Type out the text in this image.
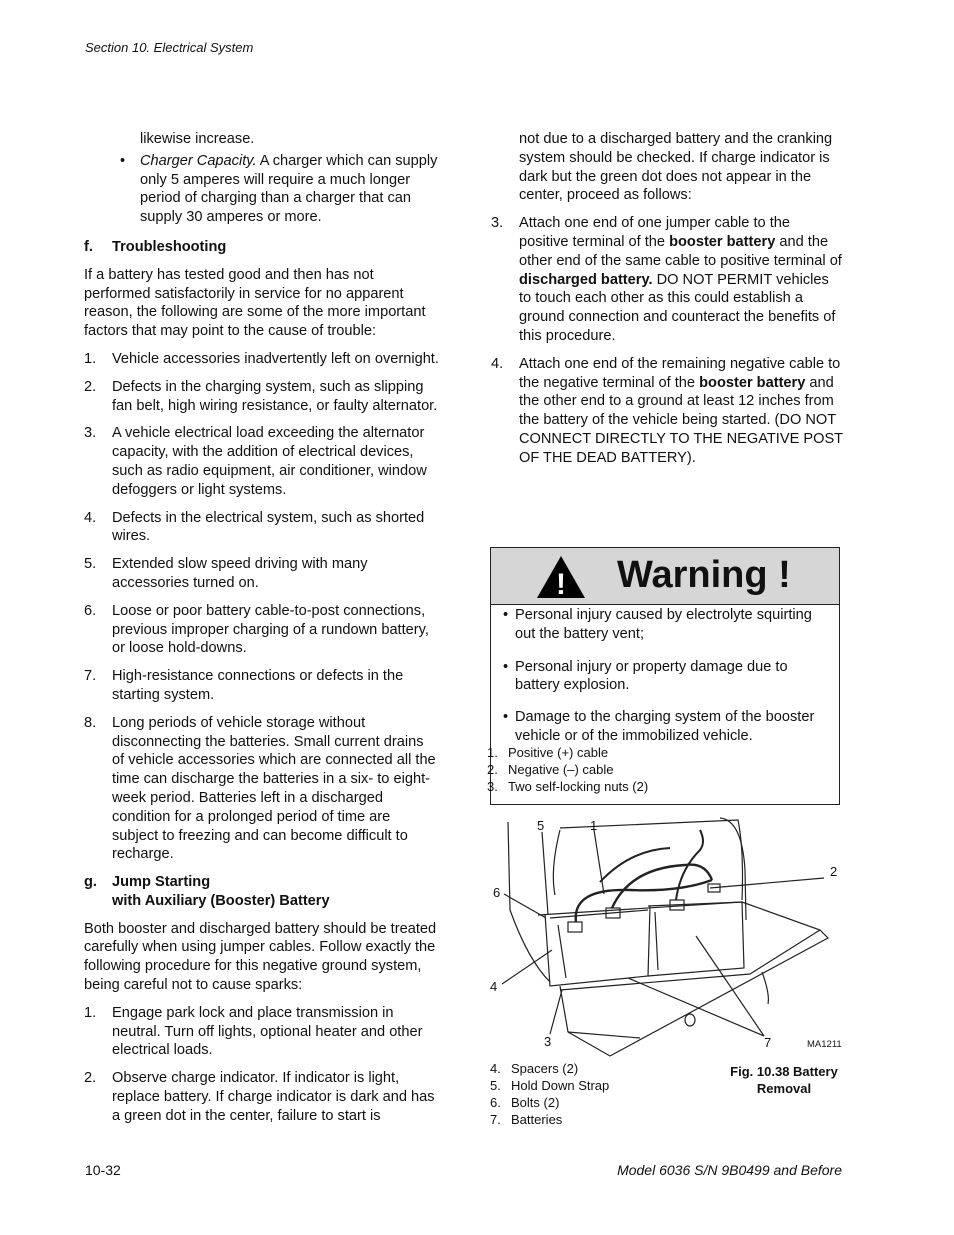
Section 10. Electrical System
likewise increase.
• Charger Capacity. A charger which can supply only 5 amperes will require a much longer period of charging than a charger that can supply 30 amperes or more.
f. Troubleshooting

If a battery has tested good and then has not performed satisfactorily in service for no apparent reason, the following are some of the more important factors that may point to the cause of trouble:

1. Vehicle accessories inadvertently left on overnight.
2. Defects in the charging system, such as slipping fan belt, high wiring resistance, or faulty alternator.
3. A vehicle electrical load exceeding the alternator capacity, with the addition of electrical devices, such as radio equipment, air conditioner, window defoggers or light systems.
4. Defects in the electrical system, such as shorted wires.
5. Extended slow speed driving with many accessories turned on.
6. Loose or poor battery cable-to-post connections, previous improper charging of a rundown battery, or loose hold-downs.
7. High-resistance connections or defects in the starting system.
8. Long periods of vehicle storage without disconnecting the batteries. Small current drains of vehicle accessories which are connected all the time can discharge the batteries in a six- to eight-week period. Batteries left in a discharged condition for a prolonged period of time are subject to freezing and can become difficult to recharge.
g. Jump Starting
with Auxiliary (Booster) Battery

Both booster and discharged battery should be treated carefully when using jumper cables. Follow exactly the following procedure for this negative ground system, being careful not to cause sparks:

1. Engage park lock and place transmission in neutral. Turn off lights, optional heater and other electrical loads.
2. Observe charge indicator. If indicator is light, replace battery. If charge indicator is dark and has a green dot in the center, failure to start is
not due to a discharged battery and the cranking system should be checked. If charge indicator is dark but the green dot does not appear in the center, proceed as follows:
3. Attach one end of one jumper cable to the positive terminal of the booster battery and the other end of the same cable to positive terminal of discharged battery. DO NOT PERMIT vehicles to touch each other as this could establish a ground connection and counteract the benefits of this procedure.
4. Attach one end of the remaining negative cable to the negative terminal of the booster battery and the other end to a ground at least 12 inches from the battery of the vehicle being started. (DO NOT CONNECT DIRECTLY TO THE NEGATIVE POST OF THE DEAD BATTERY).
! Warning !
• Personal injury caused by electrolyte squirting out the battery vent;
• Personal injury or property damage due to battery explosion.
• Damage to the charging system of the booster vehicle or of the immobilized vehicle.
1. Positive (+) cable
2. Negative (–) cable
3. Two self-locking nuts (2)
5	1
2
6
4
3	7	MA1211
4. Spacers (2)
5. Hold Down Strap
6. Bolts (2)
7. Batteries
Fig. 10.38 Battery
Removal
10-32	Model 6036 S/N 9B0499 and Before
